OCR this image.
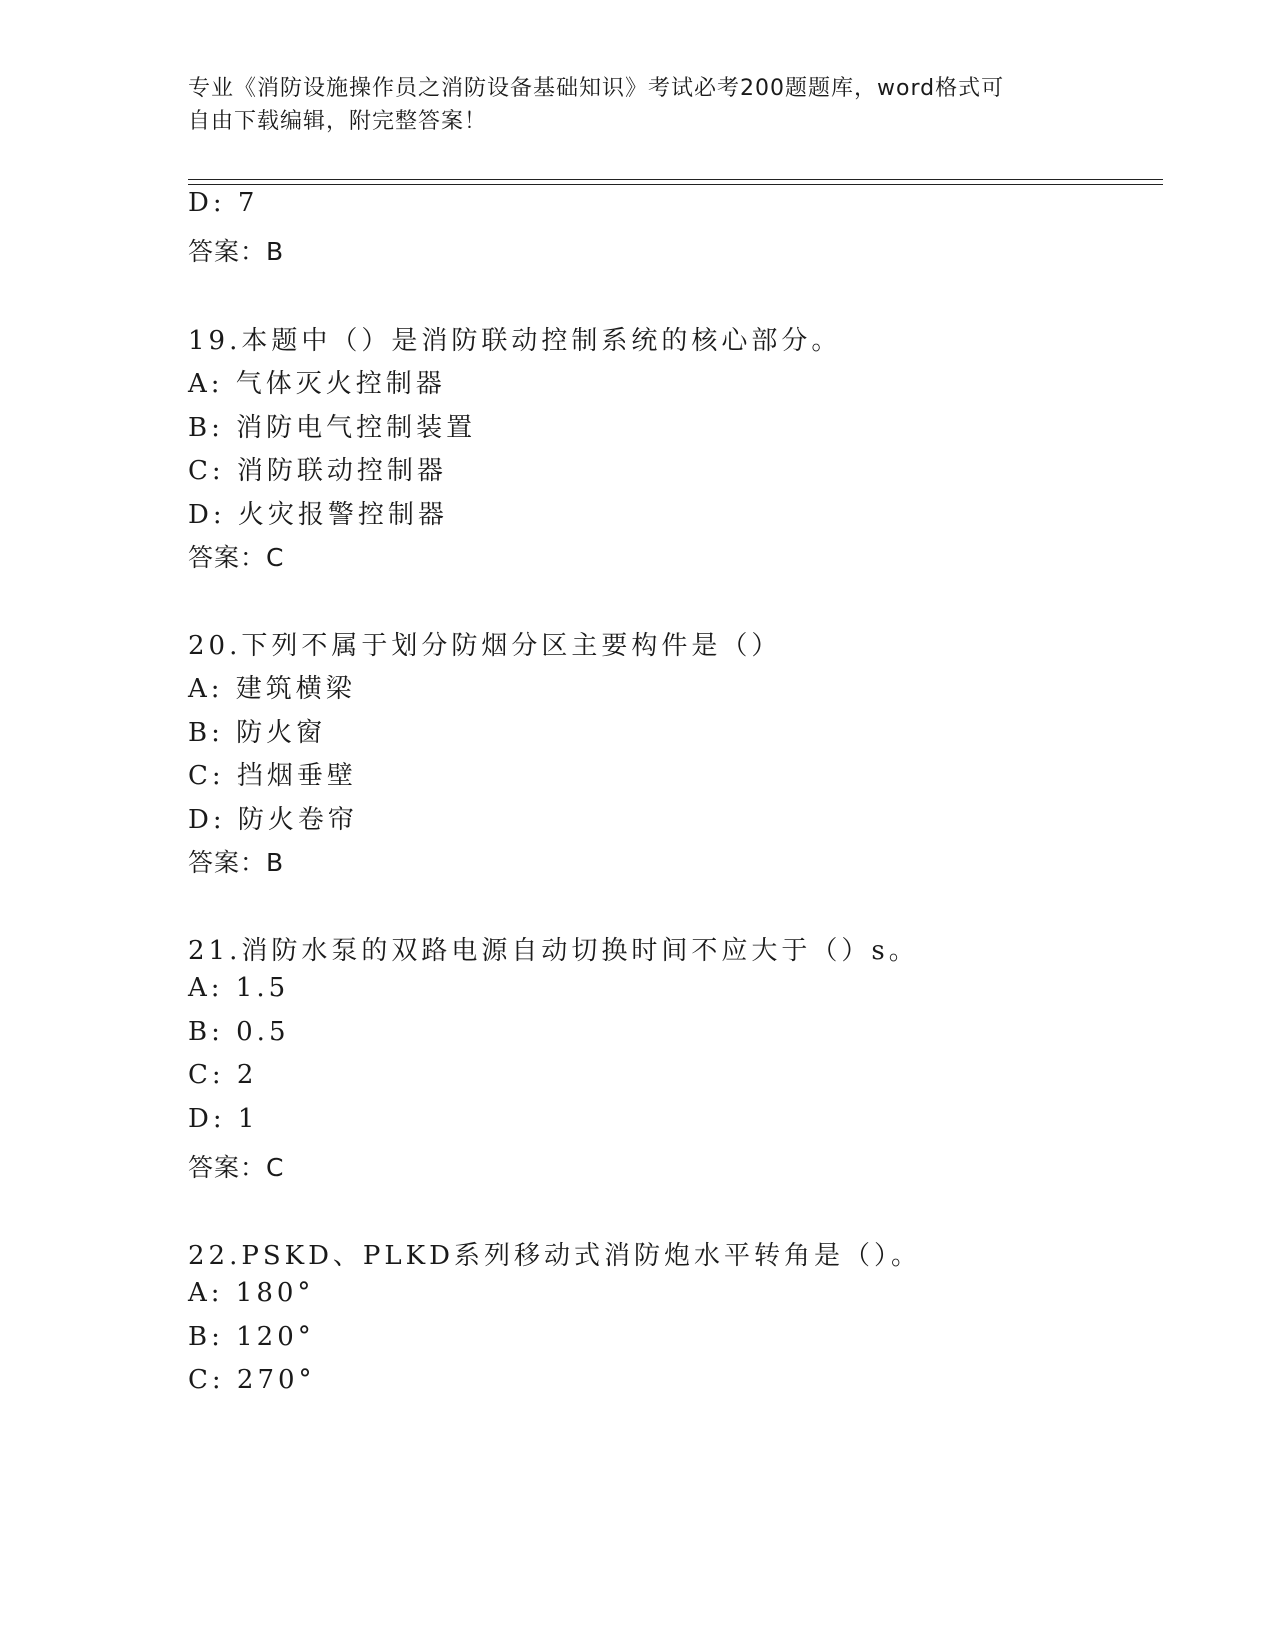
专业《消防设施操作员之消防设备基础知识》考试必考200题题库，word格式可
自由下载编辑，附完整答案！
D: 7
答案：B
19.本题中（）是消防联动控制系统的核心部分。
A: 气体灭火控制器
B: 消防电气控制装置
C: 消防联动控制器
D: 火灾报警控制器
答案：C
20.下列不属于划分防烟分区主要构件是（）
A: 建筑横梁
B: 防火窗
C: 挡烟垂壁
D: 防火卷帘
答案：B
21.消防水泵的双路电源自动切换时间不应大于（）s。
A: 1.5
B: 0.5
C: 2
D: 1
答案：C
22.PSKD、PLKD系列移动式消防炮水平转角是（）。
A: 180°
B: 120°
C: 270°
